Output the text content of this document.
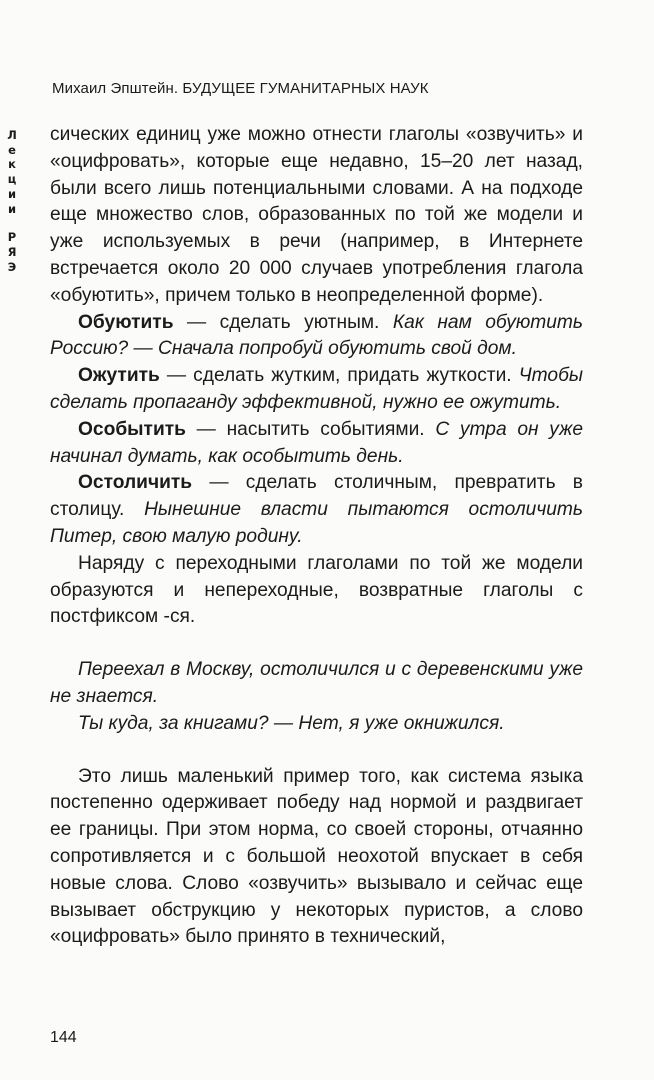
Михаил Эпштейн. БУДУЩЕЕ ГУМАНИТАРНЫХ НАУК
Л
е
к
ц
и
и
Р
Я
Э

сических единиц уже можно отнести глаголы «озвучить» и «оцифровать», которые еще недавно, 15–20 лет назад, были всего лишь потенциальными словами. А на подходе еще множество слов, образованных по той же модели и уже используемых в речи (например, в Интернете встречается около 20 000 случаев употребления глагола «обуютить», причем только в неопределенной форме).

Обуютить — сделать уютным. Как нам обуютить Россию? — Сначала попробуй обуютить свой дом.

Ожутить — сделать жутким, придать жуткости. Чтобы сделать пропаганду эффективной, нужно ее ожутить.

Особытить — насытить событиями. С утра он уже начинал думать, как особытить день.

Остоличить — сделать столичным, превратить в столицу. Нынешние власти пытаются остоличить Питер, свою малую родину.

Наряду с переходными глаголами по той же модели образуются и непереходные, возвратные глаголы с постфиксом -ся.

Переехал в Москву, остоличился и с деревенскими уже не знается.

Ты куда, за книгами? — Нет, я уже окнижился.

Это лишь маленький пример того, как система языка постепенно одерживает победу над нормой и раздвигает ее границы. При этом норма, со своей стороны, отчаянно сопротивляется и с большой неохотой впускает в себя новые слова. Слово «озвучить» вызывало и сейчас еще вызывает обструкцию у некоторых пуристов, а слово «оцифровать» было принято в технический,

144
